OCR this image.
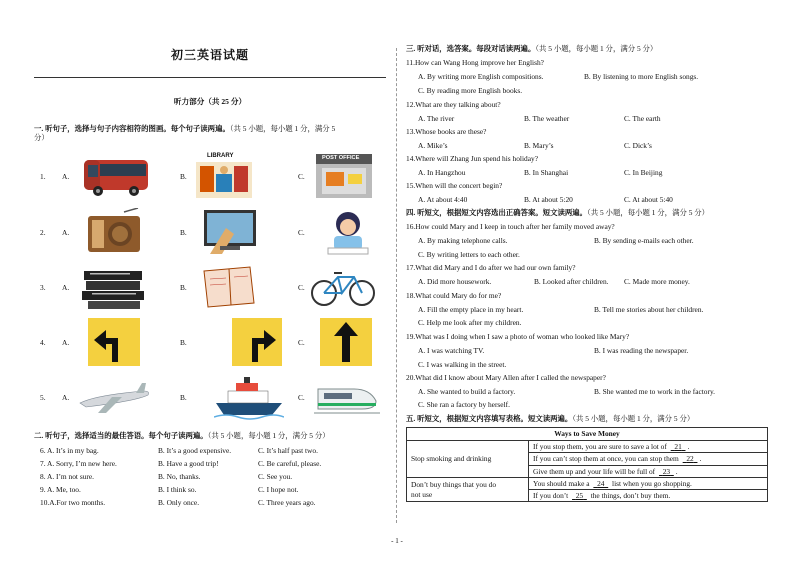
初三英语试题
听力部分（共 25 分）
一. 听句子，选择与句子内容相符的图画。每个句子读两遍。（共 5 小题，每小题 1 分，满分 5
分）
1. A.	B.
LIBRARY
C.
POST OFFICE
2. A.	B.	C.
3. A.	B.	C.
4. A.	B.	C.
5. A.	B.	C.
二. 听句子，选择适当的最佳答语。每个句子读两遍。（共 5 小题，每小题 1 分，满分 5 分）
6. A. It’s in my bag.	B. It’s a good expensive.	C. It’s half past two.
7. A. Sorry, I’m new here.	B. Have a good trip!	C. Be careful, please.
8. A. I’m not sure.	B. No, thanks.	C. See you.
9. A. Me, too.	B. I think so.	C. I hope not.
10.A.For two months.	B. Only once.	C. Three years ago.
三. 听对话，选答案。每段对话读两遍。（共 5 小题，每小题 1 分，满分 5 分）
11.How can Wang Hong improve her English?
A. By writing more English compositions.	B. By listening to more English songs.
C. By reading more English books.
12.What are they talking about?
A. The river	B. The weather	C. The earth
13.Whose books are these?
A. Mike’s	B. Mary’s	C. Dick’s
14.Where will Zhang Jun spend his holiday?
A. In Hangzhou	B. In Shanghai	C. In Beijing
15.When will the concert begin?
A. At about 4:40	B. At about 5:20	C. At about 5:40
四. 听短文，根据短文内容选出正确答案。短文读两遍。（共 5 小题，每小题 1 分，满分 5 分）
16.How could Mary and I keep in touch after her family moved away?
A. By making telephone calls.	B. By sending e-mails each other.
C. By writing letters to each other.
17.What did Mary and I do after we had our own family?
A. Did more housework.	B. Looked after children. C. Made more money.
18.What could Mary do for me?
A. Fill the empty place in my heart.	B. Tell me stories about her children.
C. Help me look after my children.
19.What was I doing when I saw a photo of woman who looked like Mary?
A. I was watching TV.	B. I was reading the newspaper.
C. I was walking in the street.
20.What did I know about Mary Allen after I called the newspaper?
A. She wanted to build a factory.	B. She wanted me to work in the factory.
C. She ran a factory by herself.
五. 听短文，根据短文内容填写表格。短文读两遍。（共 5 小题，每小题 1 分，满分 5 分）
Ways to Save Money	
Stop smoking and drinking	If you stop them, you are sure to save a lot of 21 .
	If you can’t stop them at once, you can stop them 22 .
	Give them up and your life will be full of 23 .
Don’t buy things that you do
not use	You should make a 24 list when you go shopping.
	If you don’t 25 the things, don’t buy them.
- 1 -
